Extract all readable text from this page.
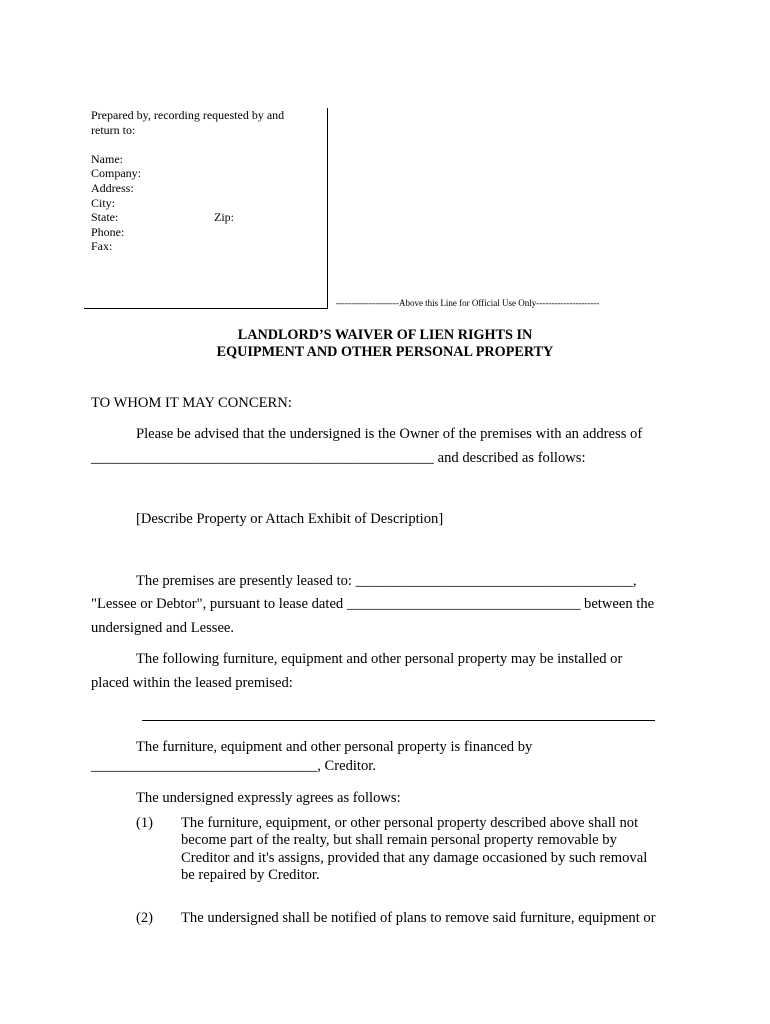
Prepared by, recording requested by and
return to:

Name:
Company:
Address:
City:
State:	Zip:
Phone:
Fax:
---------------------Above this Line for Official Use Only---------------------
LANDLORD’S WAIVER OF LIEN RIGHTS IN
EQUIPMENT AND OTHER PERSONAL PROPERTY
TO WHOM IT MAY CONCERN:
Please be advised that the undersigned is the Owner of the premises with an address of
_______________________________________________ and described as follows:
[Describe Property or Attach Exhibit of Description]
The premises are presently leased to: ______________________________________,
"Lessee or Debtor", pursuant to lease dated ________________________________ between the
undersigned and Lessee.
The following furniture, equipment and other personal property may be installed or
placed within the leased premised:
The furniture, equipment and other personal property is financed by
_______________________________, Creditor.
The undersigned expressly agrees as follows:
(1) The furniture, equipment, or other personal property described above shall not
become part of the realty, but shall remain personal property removable by
Creditor and it's assigns, provided that any damage occasioned by such removal
be repaired by Creditor.
(2) The undersigned shall be notified of plans to remove said furniture, equipment or
